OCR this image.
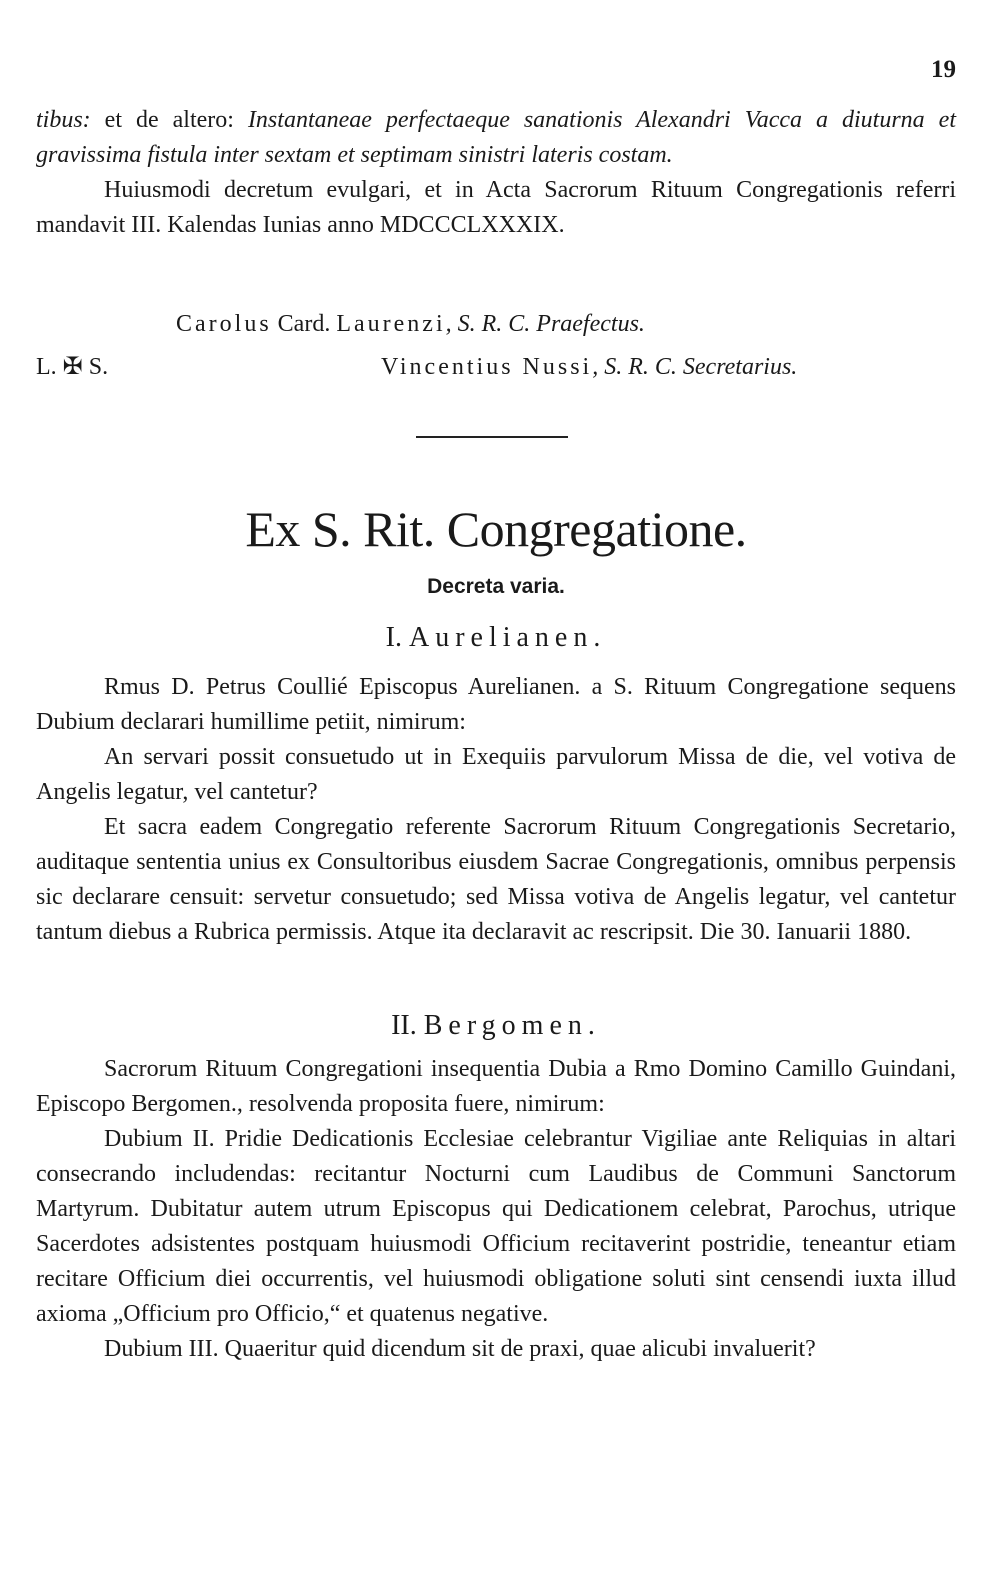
19

tibus: et de altero: Instantaneae perfectaeque sanationis Alexandri Vacca a diuturna et gravissima fistula inter sextam et septimam sinistri lateris costam.

Huiusmodi decretum evulgari, et in Acta Sacrorum Rituum Congregationis referri mandavit III. Kalendas Iunias anno MDCCCLXXXIX.

Carolus Card. Laurenzi, S. R. C. Praefectus.
L. ✠ S.	Vincentius Nussi, S. R. C. Secretarius.
Ex S. Rit. Congregatione.
Decreta varia.
I. Aurelianen.

Rmus D. Petrus Coullié Episcopus Aurelianen. a S. Rituum Congregatione sequens Dubium declarari humillime petiit, nimirum:

An servari possit consuetudo ut in Exequiis parvulorum Missa de die, vel votiva de Angelis legatur, vel cantetur?

Et sacra eadem Congregatio referente Sacrorum Rituum Congregationis Secretario, auditaque sententia unius ex Consultoribus eiusdem Sacrae Congregationis, omnibus perpensis sic declarare censuit: servetur consuetudo; sed Missa votiva de Angelis legatur, vel cantetur tantum diebus a Rubrica permissis. Atque ita declaravit ac rescripsit. Die 30. Ianuarii 1880.

II. Bergomen.

Sacrorum Rituum Congregationi insequentia Dubia a Rmo Domino Camillo Guindani, Episcopo Bergomen., resolvenda proposita fuere, nimirum:

Dubium II. Pridie Dedicationis Ecclesiae celebrantur Vigiliae ante Reliquias in altari consecrando includendas: recitantur Nocturni cum Laudibus de Communi Sanctorum Martyrum. Dubitatur autem utrum Episcopus qui Dedicationem celebrat, Parochus, utrique Sacerdotes adsistentes postquam huiusmodi Officium recitaverint postridie, teneantur etiam recitare Officium diei occurrentis, vel huiusmodi obligatione soluti sint censendi iuxta illud axioma „Officium pro Officio,“ et quatenus negative.

Dubium III. Quaeritur quid dicendum sit de praxi, quae alicubi invaluerit?
